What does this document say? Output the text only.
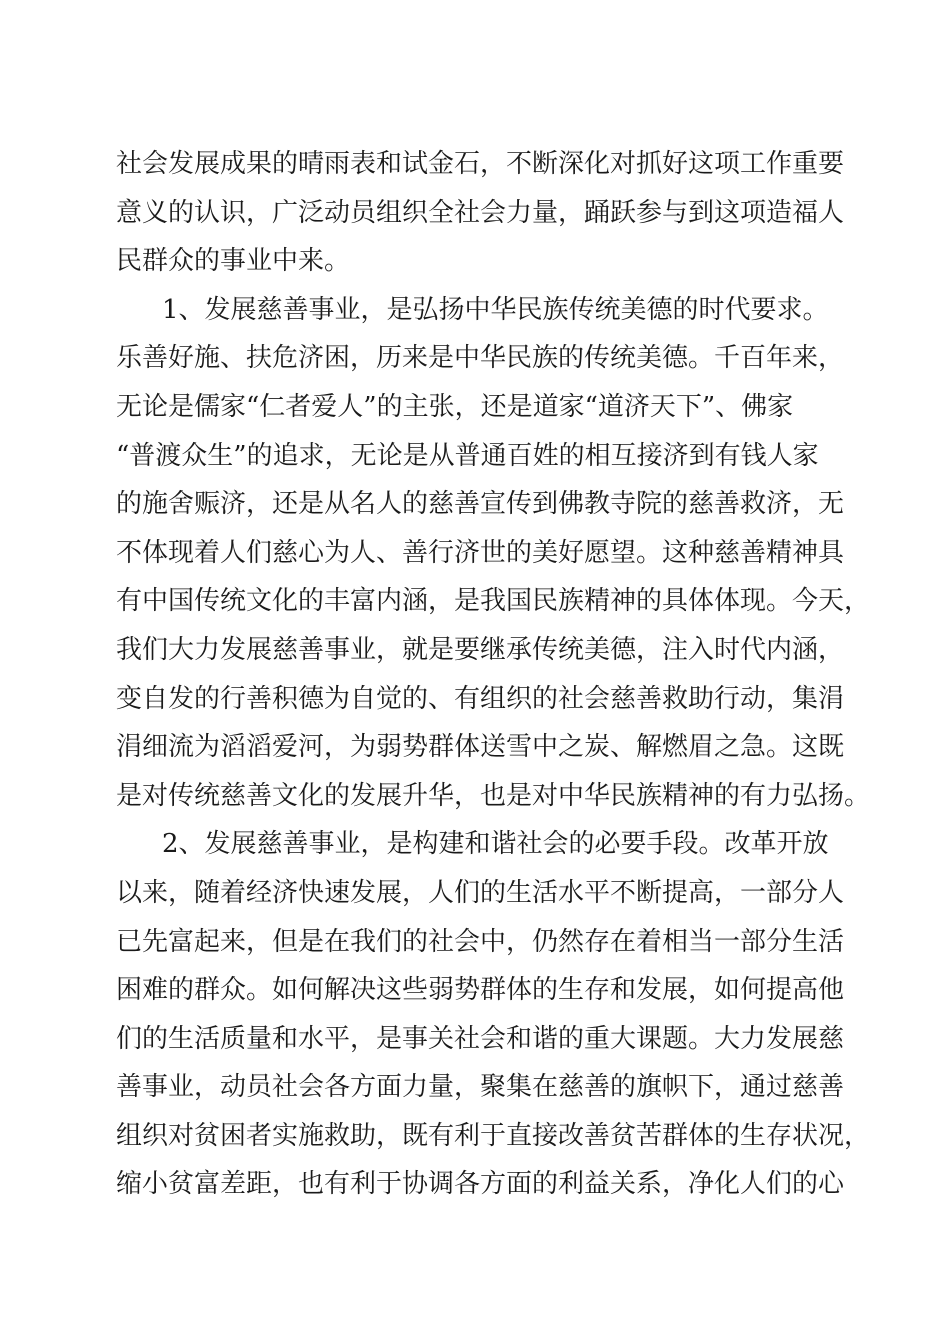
社会发展成果的晴雨表和试金石，不断深化对抓好这项工作重要
意义的认识，广泛动员组织全社会力量，踊跃参与到这项造福人
民群众的事业中来。
1、发展慈善事业，是弘扬中华民族传统美德的时代要求。
乐善好施、扶危济困，历来是中华民族的传统美德。千百年来，
无论是儒家“仁者爱人”的主张，还是道家“道济天下”、佛家
“普渡众生”的追求，无论是从普通百姓的相互接济到有钱人家
的施舍赈济，还是从名人的慈善宣传到佛教寺院的慈善救济，无
不体现着人们慈心为人、善行济世的美好愿望。这种慈善精神具
有中国传统文化的丰富内涵，是我国民族精神的具体体现。今天，
我们大力发展慈善事业，就是要继承传统美德，注入时代内涵，
变自发的行善积德为自觉的、有组织的社会慈善救助行动，集涓
涓细流为滔滔爱河，为弱势群体送雪中之炭、解燃眉之急。这既
是对传统慈善文化的发展升华，也是对中华民族精神的有力弘扬。
2、发展慈善事业，是构建和谐社会的必要手段。改革开放
以来，随着经济快速发展，人们的生活水平不断提高，一部分人
已先富起来，但是在我们的社会中，仍然存在着相当一部分生活
困难的群众。如何解决这些弱势群体的生存和发展，如何提高他
们的生活质量和水平，是事关社会和谐的重大课题。大力发展慈
善事业，动员社会各方面力量，聚集在慈善的旗帜下，通过慈善
组织对贫困者实施救助，既有利于直接改善贫苦群体的生存状况，
缩小贫富差距，也有利于协调各方面的利益关系，净化人们的心
